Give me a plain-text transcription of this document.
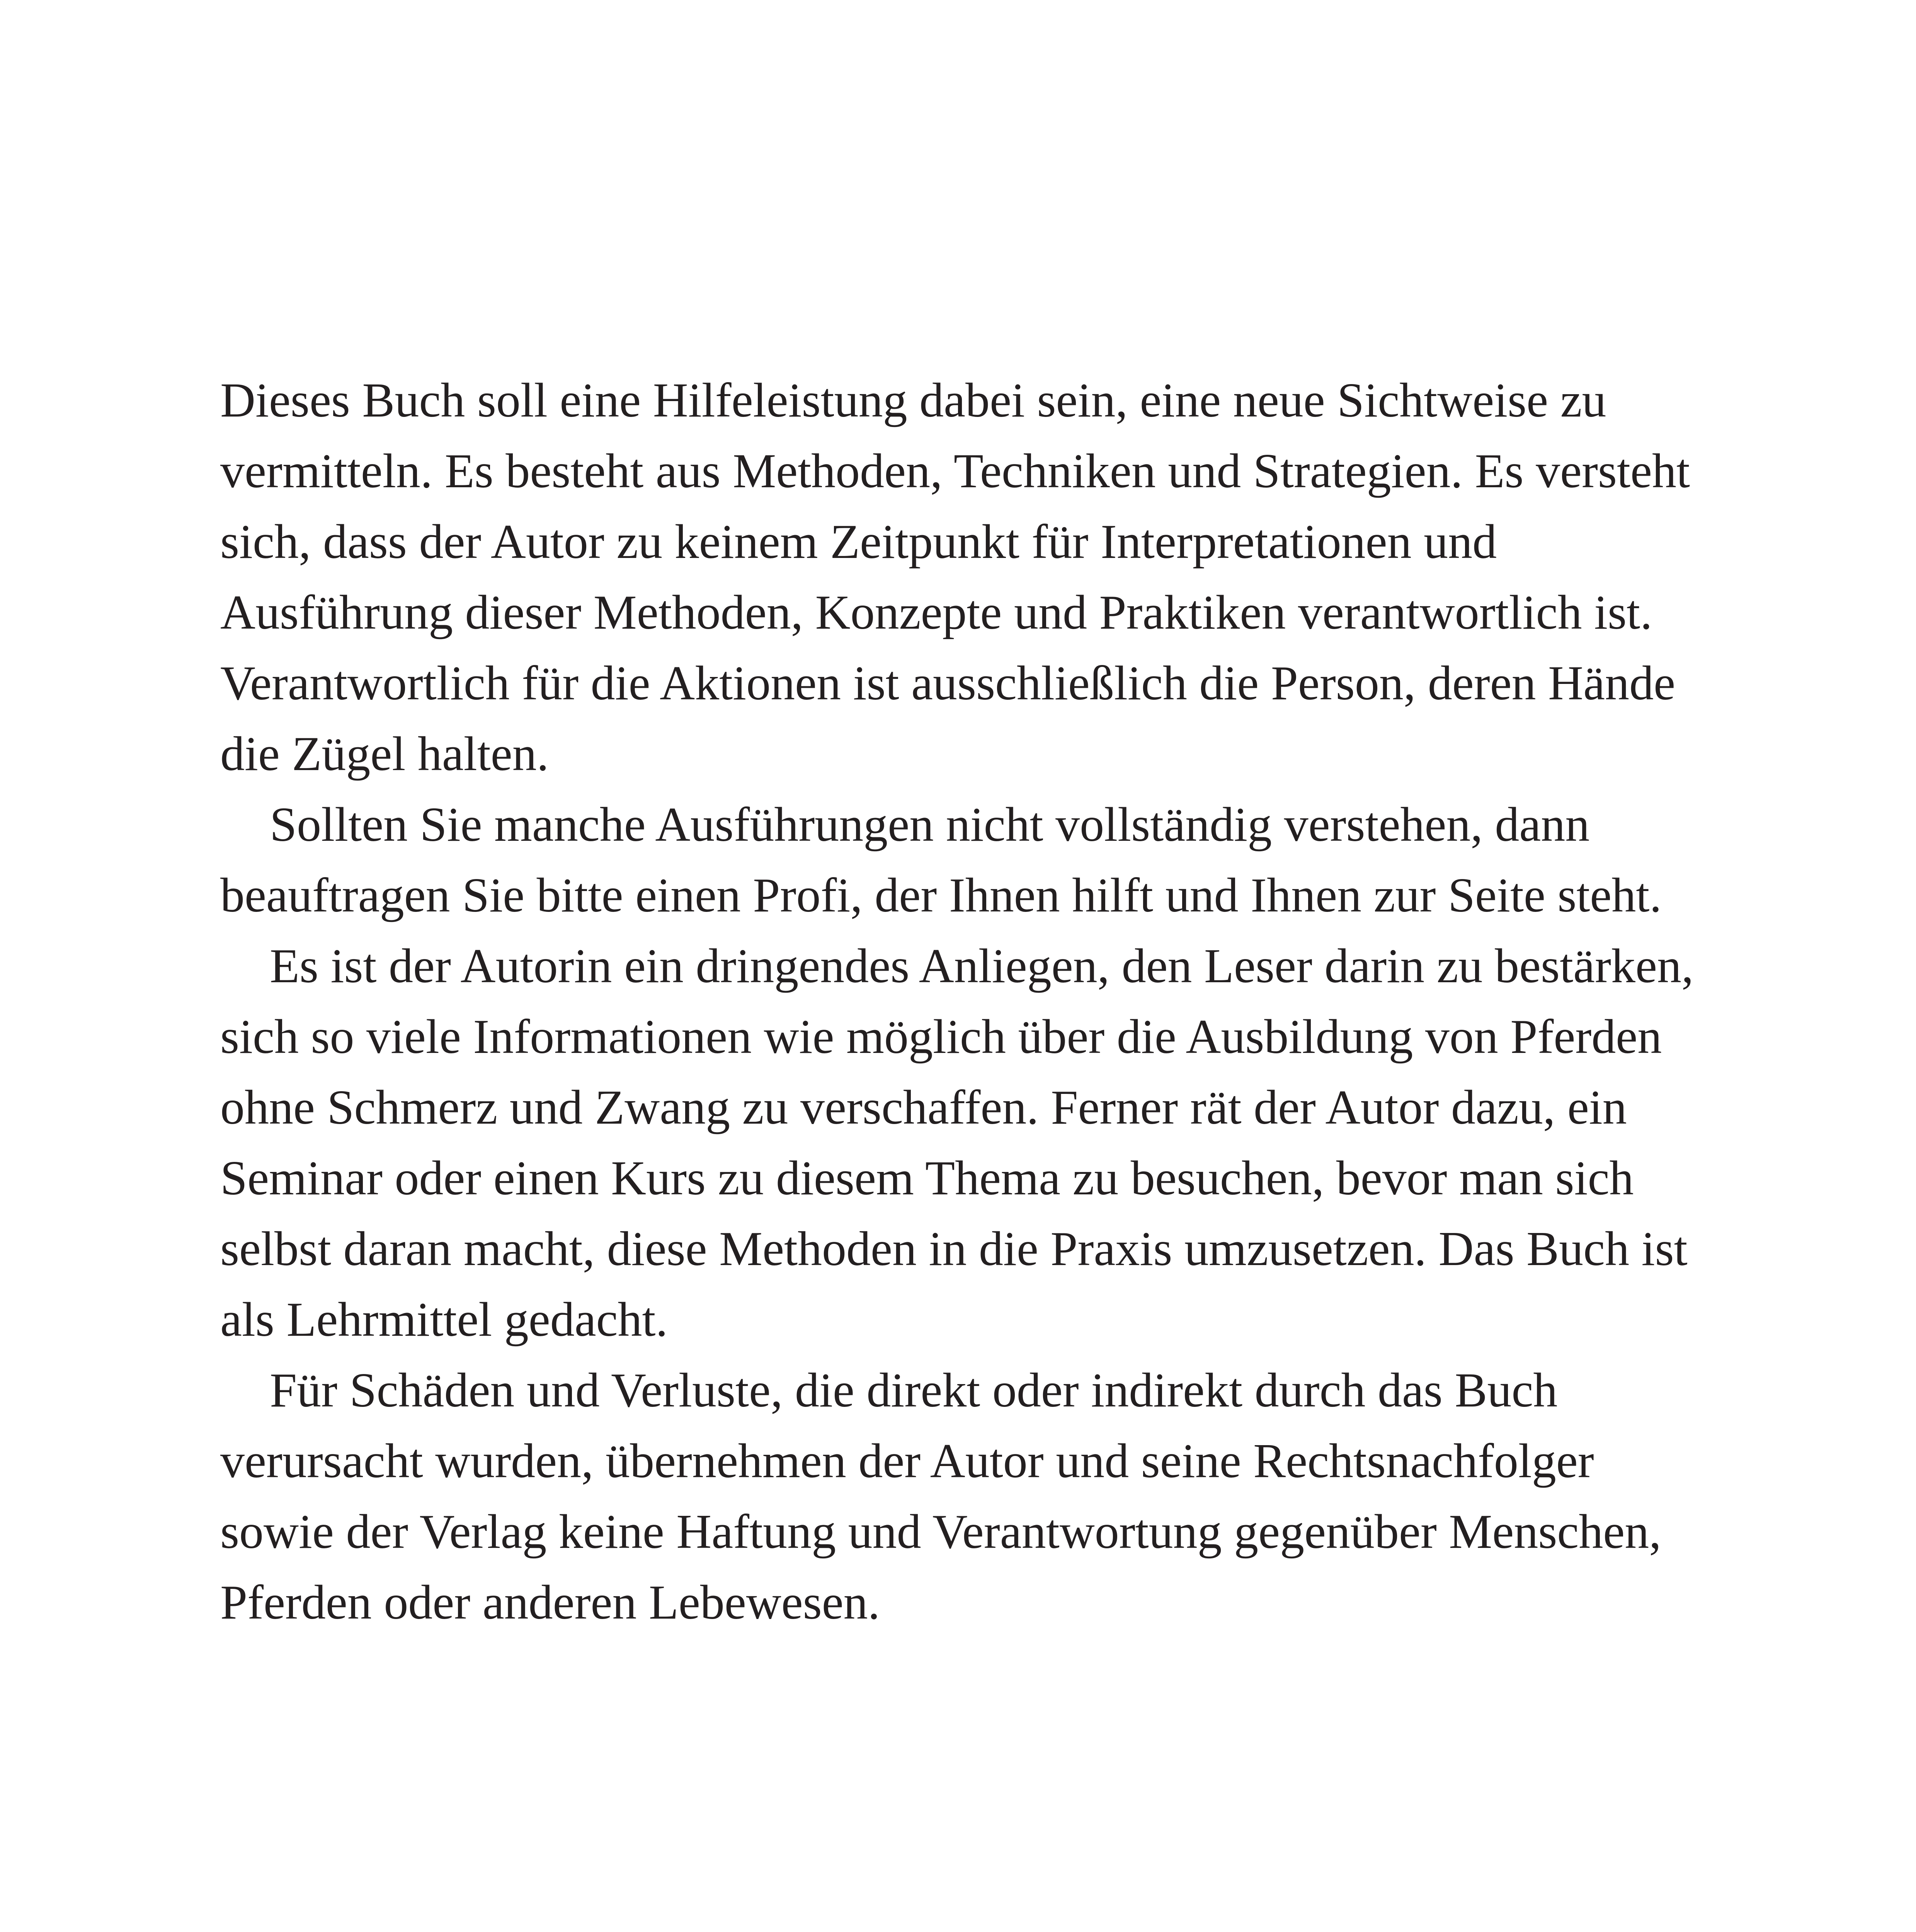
Dieses Buch soll eine Hilfeleistung dabei sein, eine neue Sichtweise zu
vermitteln. Es besteht aus Methoden, Techniken und Strategien. Es versteht
sich, dass der Autor zu keinem Zeitpunkt für Interpretationen und
Ausführung dieser Methoden, Konzepte und Praktiken verantwortlich ist.
Verantwortlich für die Aktionen ist ausschließlich die Person, deren Hände
die Zügel halten.

Sollten Sie manche Ausführungen nicht vollständig verstehen, dann
beauftragen Sie bitte einen Profi, der Ihnen hilft und Ihnen zur Seite steht.

Es ist der Autorin ein dringendes Anliegen, den Leser darin zu bestärken,
sich so viele Informationen wie möglich über die Ausbildung von Pferden
ohne Schmerz und Zwang zu verschaffen. Ferner rät der Autor dazu, ein
Seminar oder einen Kurs zu diesem Thema zu besuchen, bevor man sich
selbst daran macht, diese Methoden in die Praxis umzusetzen. Das Buch ist
als Lehrmittel gedacht.

Für Schäden und Verluste, die direkt oder indirekt durch das Buch
verursacht wurden, übernehmen der Autor und seine Rechtsnachfolger
sowie der Verlag keine Haftung und Verantwortung gegenüber Menschen,
Pferden oder anderen Lebewesen.
